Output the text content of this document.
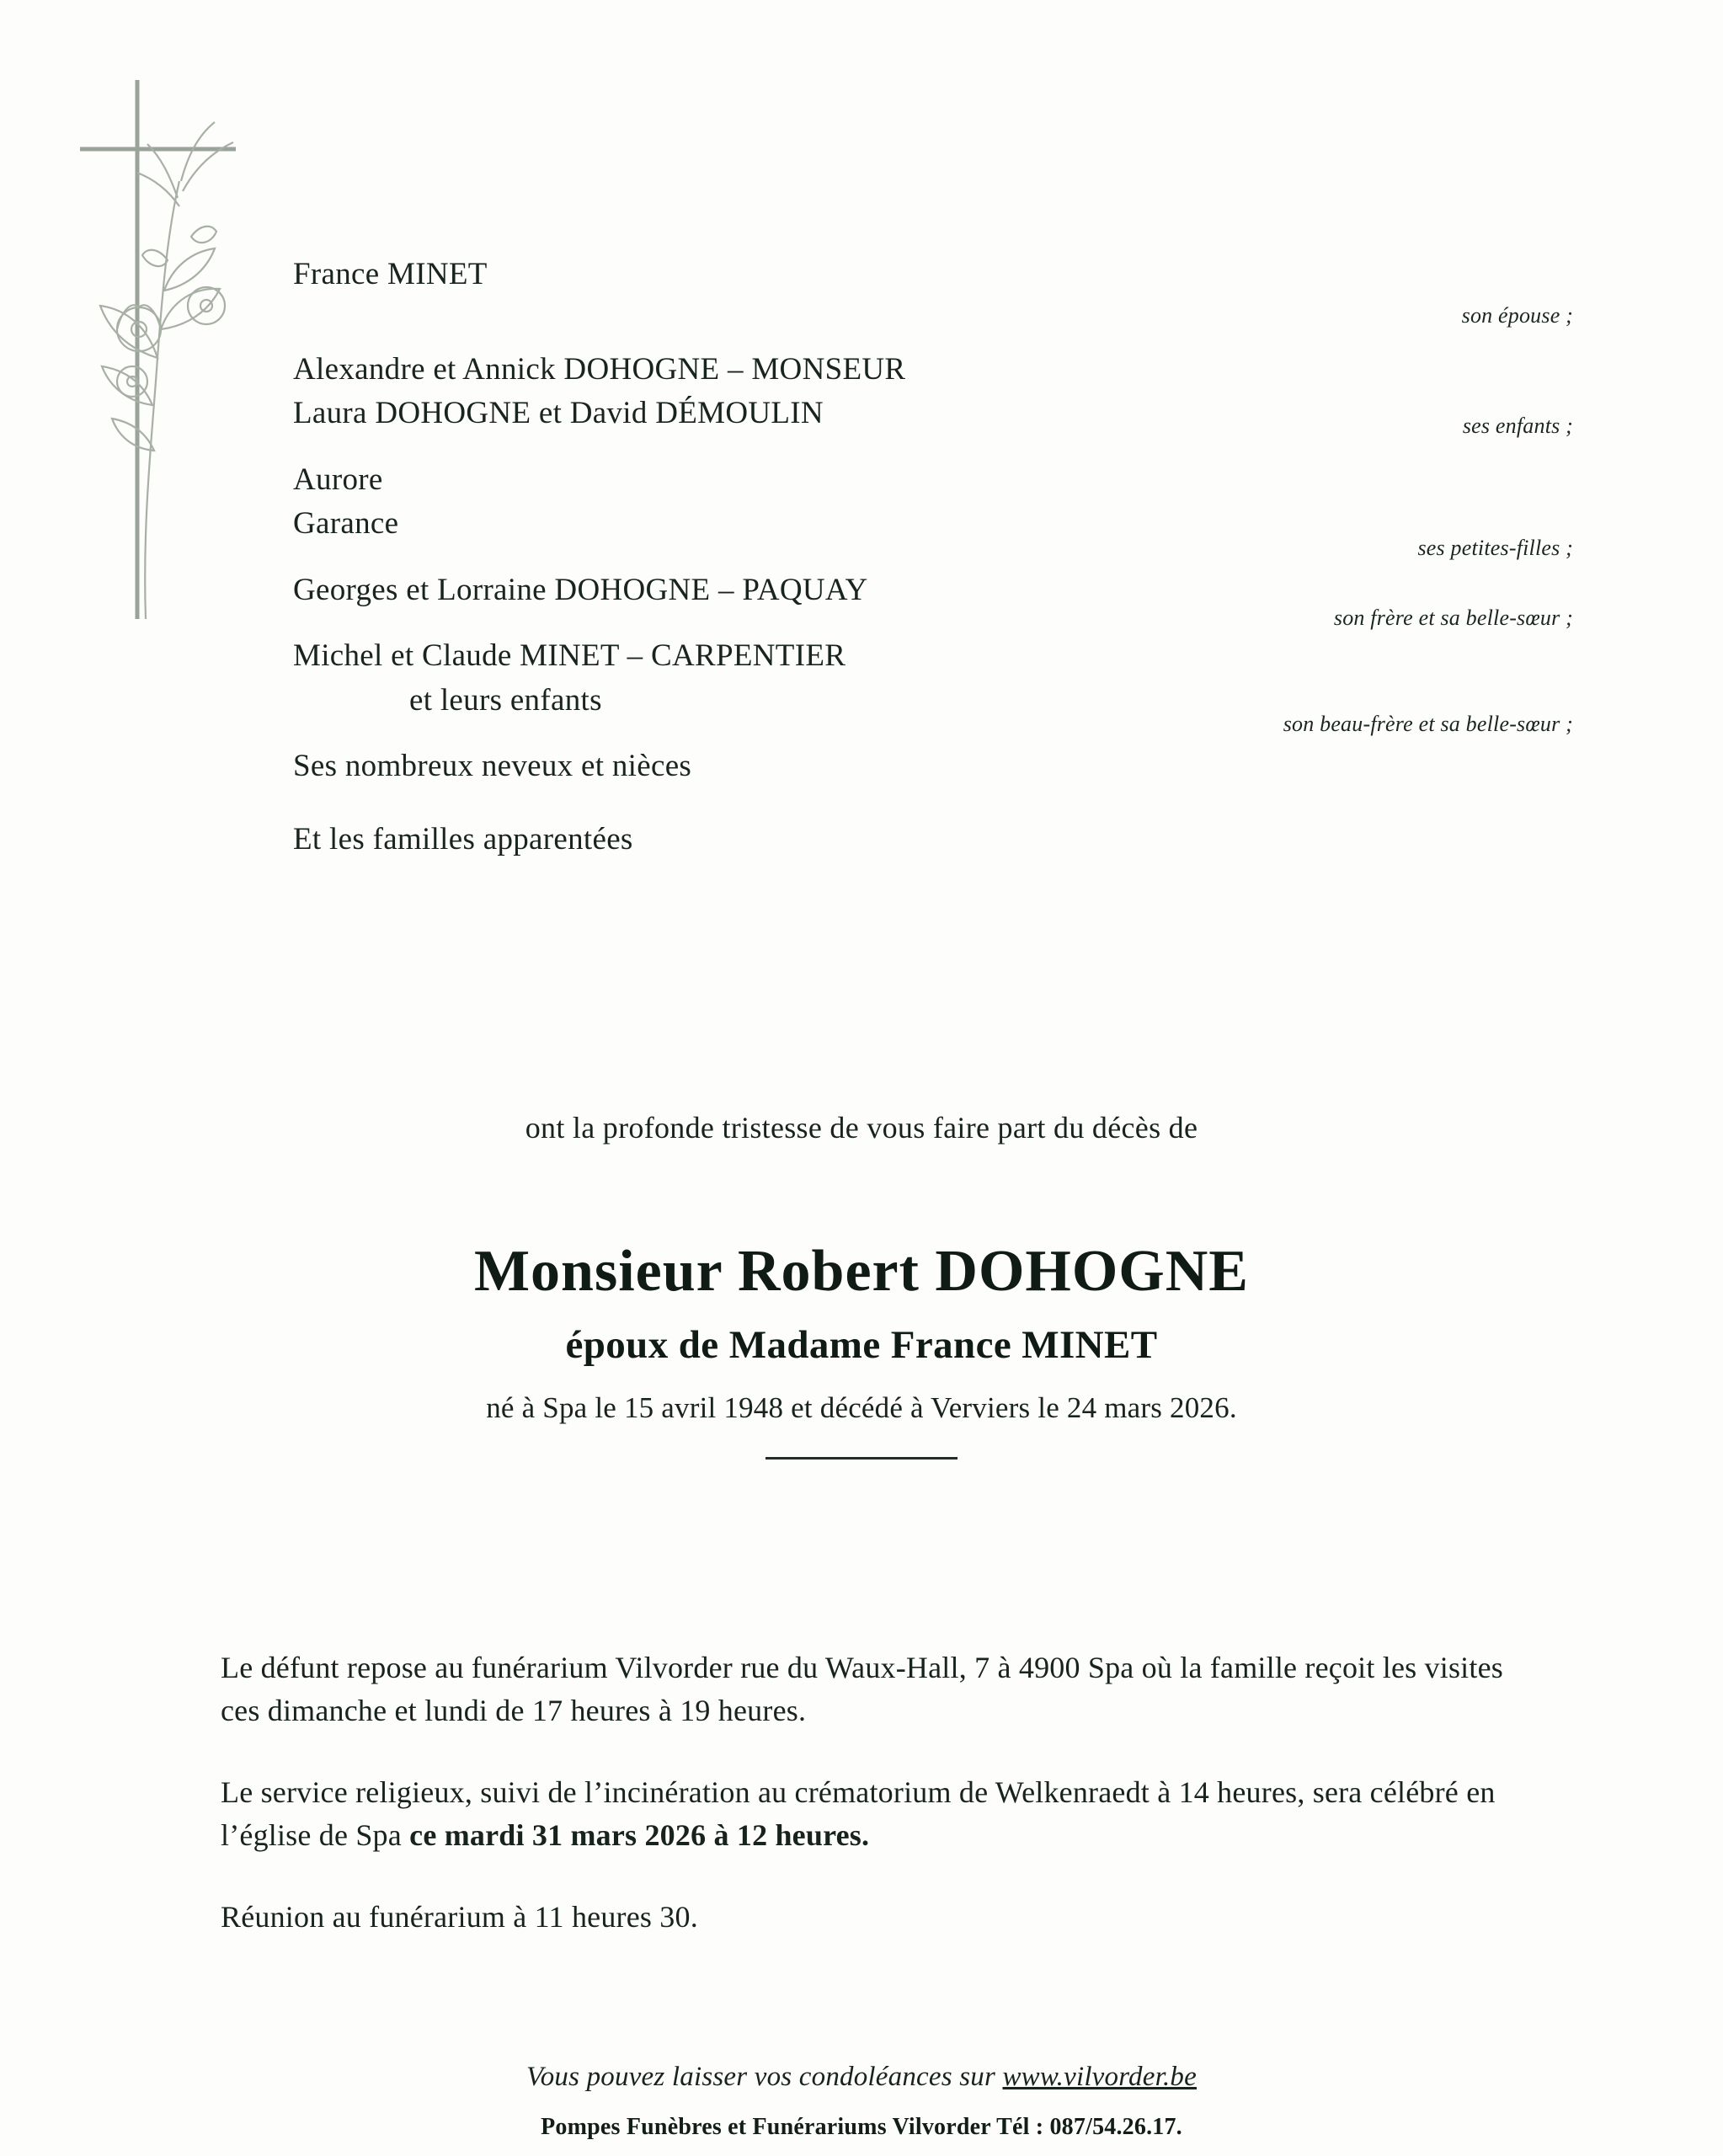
France MINET
son épouse ;
Alexandre et Annick DOHOGNE – MONSEUR
Laura DOHOGNE et David DÉMOULIN	ses enfants ;
Aurore
Garance
ses petites-filles ;
Georges et Lorraine DOHOGNE – PAQUAY
son frère et sa belle-sœur ;
Michel et Claude MINET – CARPENTIER
et leurs enfants
son beau-frère et sa belle-sœur ;
Ses nombreux neveux et nièces
Et les familles apparentées
ont la profonde tristesse de vous faire part du décès de
Monsieur Robert DOHOGNE
époux de Madame France MINET
né à Spa le 15 avril 1948 et décédé à Verviers le 24 mars 2026.

Le défunt repose au funérarium Vilvorder rue du Waux-Hall, 7 à 4900 Spa où la famille reçoit les visites ces dimanche et lundi de 17 heures à 19 heures.

Le service religieux, suivi de l’incinération au crématorium de Welkenraedt à 14 heures, sera célébré en l’église de Spa ce mardi 31 mars 2026 à 12 heures.

Réunion au funérarium à 11 heures 30.

Vous pouvez laisser vos condoléances sur www.vilvorder.be
Pompes Funèbres et Funérariums Vilvorder Tél : 087/54.26.17.
